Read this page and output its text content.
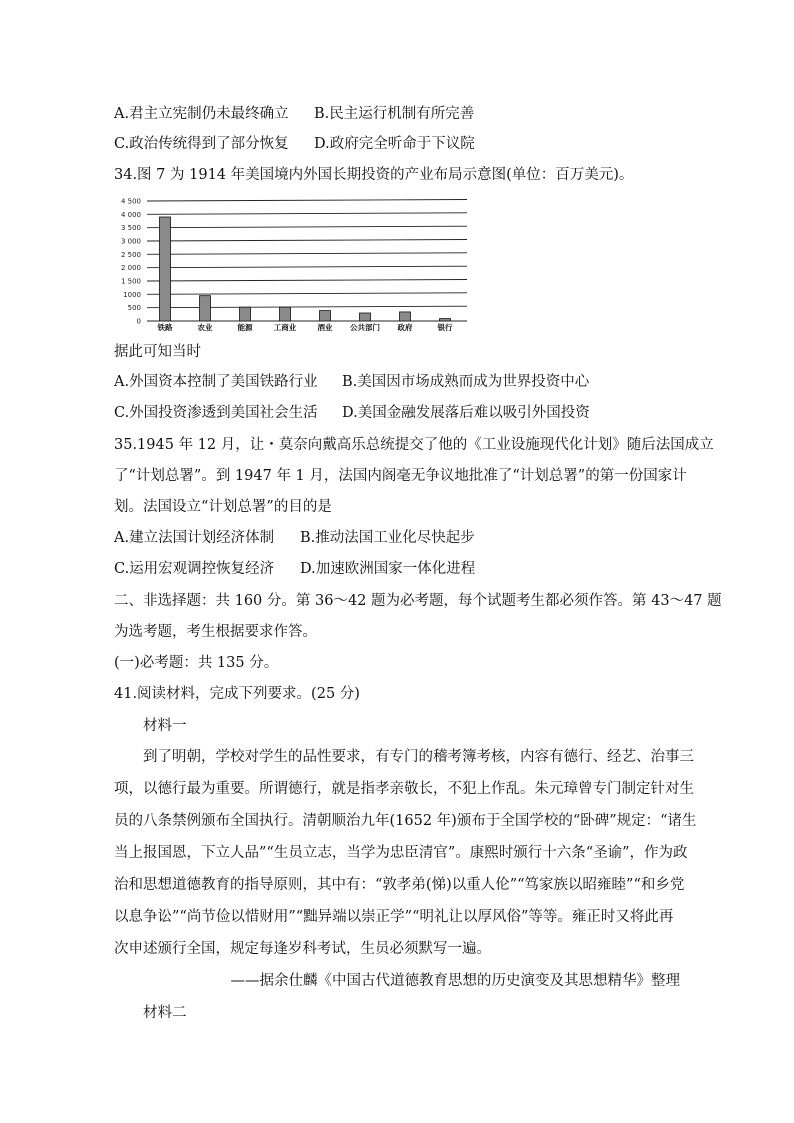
A.君主立宪制仍未最终确立 B.民主运行机制有所完善
C.政治传统得到了部分恢复 D.政府完全听命于下议院
34.图 7 为 1914 年美国境内外国长期投资的产业布局示意图(单位：百万美元)。
0
500
1000
1 500
2 000
2 500
3 000
3 500
4 000
4 500
铁路	农业	能源	工商业	酒业 公共部门 政府	银行
据此可知当时
A.外国资本控制了美国铁路行业 B.美国因市场成熟而成为世界投资中心
C.外国投资渗透到美国社会生活 D.美国金融发展落后难以吸引外国投资
35.1945 年 12 月，让・莫奈向戴高乐总统提交了他的《工业设施现代化计划》随后法国成立
了“计划总署”。到 1947 年 1 月，法国内阁毫无争议地批准了“计划总署”的第一份国家计
划。法国设立“计划总署”的目的是
A.建立法国计划经济体制 B.推动法国工业化尽快起步
C.运用宏观调控恢复经济 D.加速欧洲国家一体化进程
二、非选择题：共 160 分。第 36～42 题为必考题，每个试题考生都必须作答。第 43～47 题
为选考题，考生根据要求作答。
(一)必考题：共 135 分。
41.阅读材料，完成下列要求。(25 分)
材料一
到了明朝，学校对学生的品性要求，有专门的稽考簿考核，内容有德行、经艺、治事三
项，以德行最为重要。所谓德行，就是指孝亲敬长，不犯上作乱。朱元璋曾专门制定针对生
员的八条禁例颁布全国执行。清朝顺治九年(1652 年)颁布于全国学校的“卧碑”规定：“诸生
当上报国恩，下立人品”“生员立志，当学为忠臣清官”。康熙时颁行十六条“圣谕”，作为政
治和思想道德教育的指导原则，其中有：“敦孝弟(悌)以重人伦”“笃家族以昭雍睦”“和乡党
以息争讼”“尚节俭以惜财用”“黜异端以崇正学”“明礼让以厚风俗”等等。雍正时又将此再
次申述颁行全国，规定每逢岁科考试，生员必须默写一遍。
——据余仕麟《中国古代道德教育思想的历史演变及其思想精华》整理
材料二
